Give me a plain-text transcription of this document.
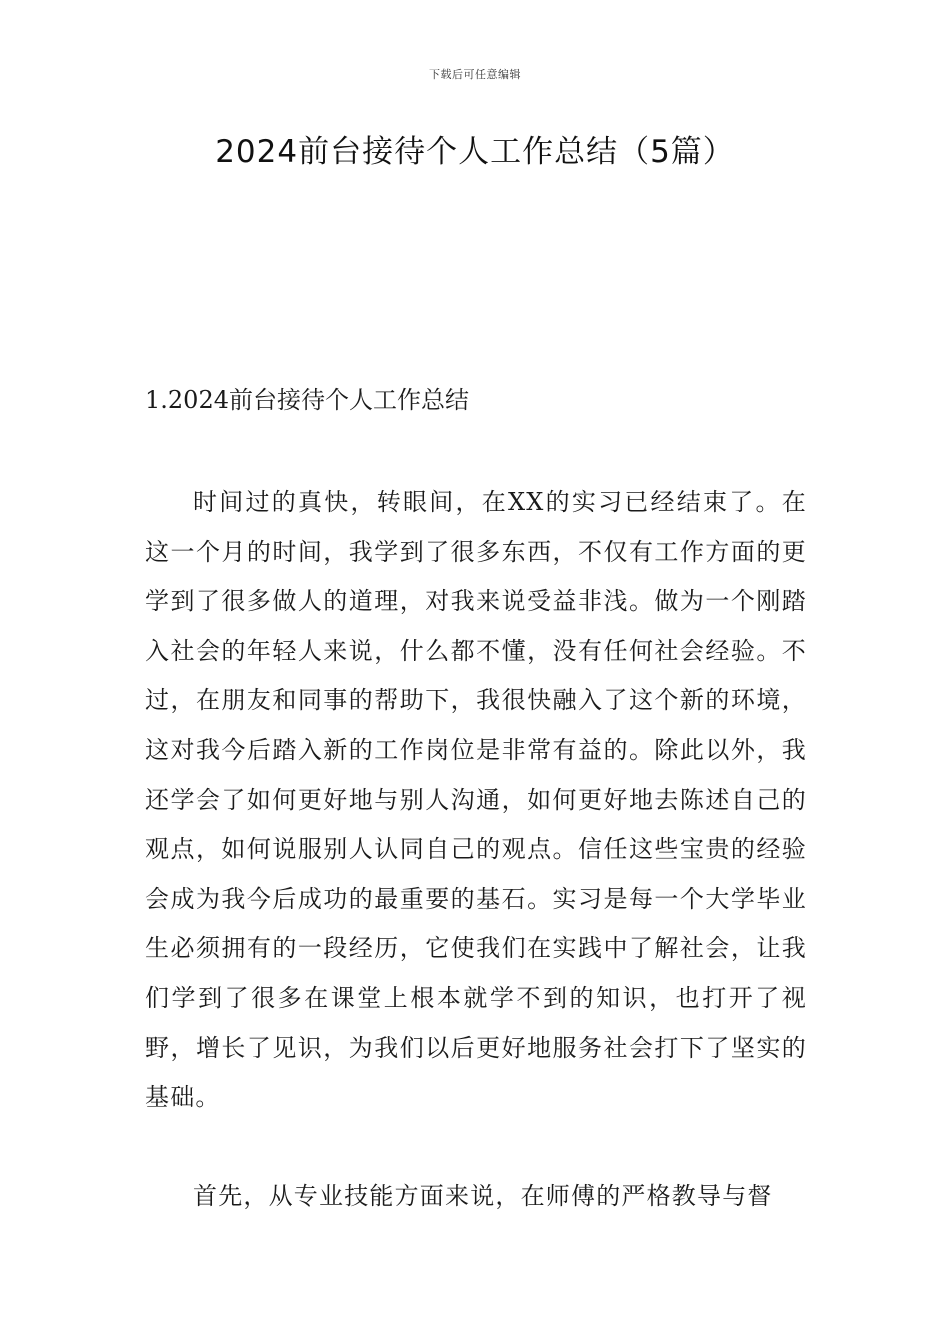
下载后可任意编辑
2024前台接待个人工作总结（5篇）
1.2024前台接待个人工作总结

时间过的真快，转眼间，在XX的实习已经结束了。在这一个月的时间，我学到了很多东西，不仅有工作方面的更学到了很多做人的道理，对我来说受益非浅。做为一个刚踏入社会的年轻人来说，什么都不懂，没有任何社会经验。不过，在朋友和同事的帮助下，我很快融入了这个新的环境，这对我今后踏入新的工作岗位是非常有益的。除此以外，我还学会了如何更好地与别人沟通，如何更好地去陈述自己的观点，如何说服别人认同自己的观点。信任这些宝贵的经验会成为我今后成功的最重要的基石。实习是每一个大学毕业生必须拥有的一段经历，它使我们在实践中了解社会，让我们学到了很多在课堂上根本就学不到的知识，也打开了视野，增长了见识，为我们以后更好地服务社会打下了坚实的基础。

首先，从专业技能方面来说，在师傅的严格教导与督
